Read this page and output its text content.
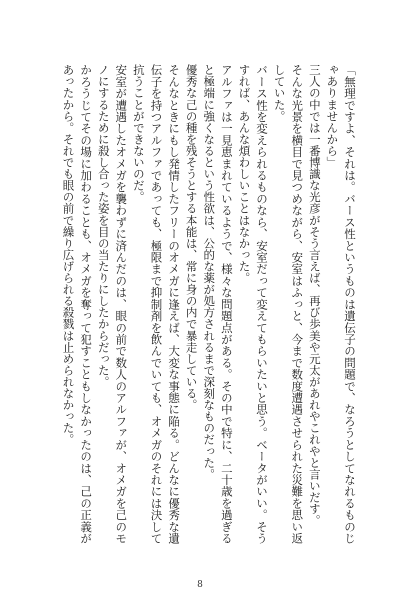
「無理ですよ、それは。バース性というものは遺伝子の問題で、なろうとしてなれるものじゃありませんから」

三人の中では一番博識な光彦がそう言えば、再び歩美や元太があれやこれやと言いだす。

そんな光景を横目で見つめながら、安室はふっと、今まで数度遭遇させられた災難を思い返していた。

バース性を変えられるものなら、安室だって変えてもらいたいと思う。ベータがいい。そうすれば、あんな煩わしいことはなかった。

アルファは一見恵まれているようで、様々な問題点がある。その中で特に、二十歳を過ぎると極端に強くなるという性欲は、公的な薬が処方されるまで深刻なものだった。

優秀な己の種を残そうとする本能は、常に身の内で暴走している。

そんなときにもし発情したフリーのオメガに逢えば、大変な事態に陥る。どんなに優秀な遺伝子を持つアルファであっても、極限まで抑制剤を飲んでいても、オメガのそれには決して抗うことができないのだ。

安室が遭遇したオメガを襲わずに済んだのは、眼の前で数人のアルファが、オメガを己のモノにするために殺し合った姿を目の当たりにしたからだった。

かろうじてその場に加わることも、オメガを奪って犯すこともしなかったのは、己の正義があったから。それでも眼の前で繰り広げられる殺戮は止められなかった。

8
